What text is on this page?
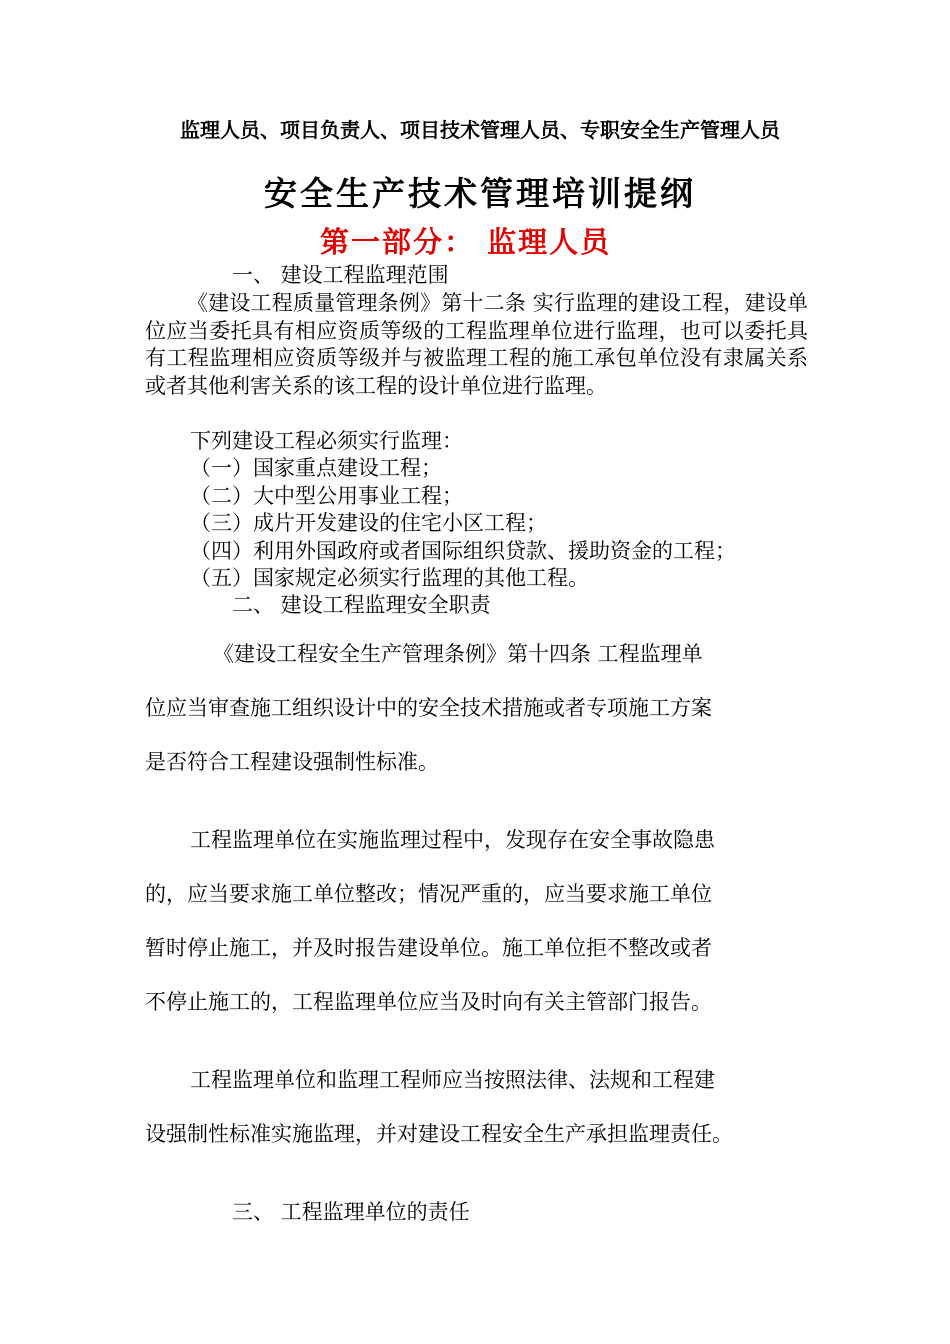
监理人员、项目负责人、项目技术管理人员、专职安全生产管理人员
安全生产技术管理培训提纲
第一部分： 监理人员
一、 建设工程监理范围
《建设工程质量管理条例》第十二条 实行监理的建设工程，建设单位应当委托具有相应资质等级的工程监理单位进行监理，也可以委托具有工程监理相应资质等级并与被监理工程的施工承包单位没有隶属关系或者其他利害关系的该工程的设计单位进行监理。
下列建设工程必须实行监理：
（一）国家重点建设工程；
（二）大中型公用事业工程；
（三）成片开发建设的住宅小区工程；
（四）利用外国政府或者国际组织贷款、援助资金的工程；
（五）国家规定必须实行监理的其他工程。
二、 建设工程监理安全职责
《建设工程安全生产管理条例》第十四条 工程监理单
位应当审查施工组织设计中的安全技术措施或者专项施工方案
是否符合工程建设强制性标准。
工程监理单位在实施监理过程中，发现存在安全事故隐患
的，应当要求施工单位整改；情况严重的，应当要求施工单位
暂时停止施工，并及时报告建设单位。施工单位拒不整改或者
不停止施工的，工程监理单位应当及时向有关主管部门报告。
工程监理单位和监理工程师应当按照法律、法规和工程建
设强制性标准实施监理，并对建设工程安全生产承担监理责任。
三、 工程监理单位的责任
